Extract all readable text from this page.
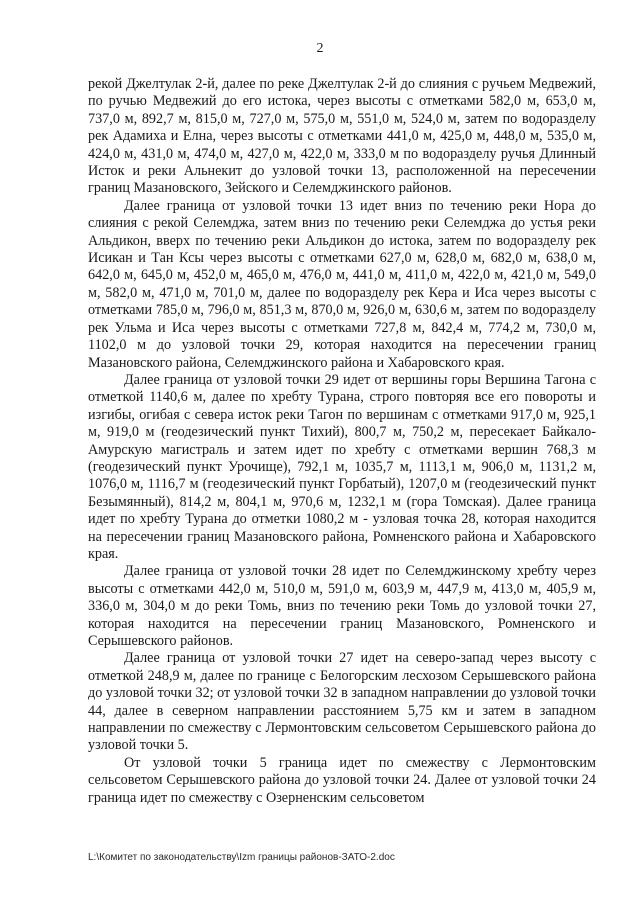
2

рекой Джелтулак 2-й, далее по реке Джелтулак 2-й до слияния с ручьем Медвежий, по ручью Медвежий до его истока, через высоты с отметками 582,0 м, 653,0 м, 737,0 м, 892,7 м, 815,0 м, 727,0 м, 575,0 м, 551,0 м, 524,0 м, затем по водоразделу рек Адамиха и Елна, через высоты с отметками 441,0 м, 425,0 м, 448,0 м, 535,0 м, 424,0 м, 431,0 м, 474,0 м, 427,0 м, 422,0 м, 333,0 м по водоразделу ручья Длинный Исток и реки Альнекит до узловой точки 13, расположенной на пересечении границ Мазановского, Зейского и Селемджинского районов.

Далее граница от узловой точки 13 идет вниз по течению реки Нора до слияния с рекой Селемджа, затем вниз по течению реки Селемджа до устья реки Альдикон, вверх по течению реки Альдикон до истока, затем по водоразделу рек Исикан и Тан Ксы через высоты с отметками 627,0 м, 628,0 м, 682,0 м, 638,0 м, 642,0 м, 645,0 м, 452,0 м, 465,0 м, 476,0 м, 441,0 м, 411,0 м, 422,0 м, 421,0 м, 549,0 м, 582,0 м, 471,0 м, 701,0 м, далее по водоразделу рек Кера и Иса через высоты с отметками 785,0 м, 796,0 м, 851,3 м, 870,0 м, 926,0 м, 630,6 м, затем по водоразделу рек Ульма и Иса через высоты с отметками 727,8 м, 842,4 м, 774,2 м, 730,0 м, 1102,0 м до узловой точки 29, которая находится на пересечении границ Мазановского района, Селемджинского района и Хабаровского края.

Далее граница от узловой точки 29 идет от вершины горы Вершина Тагона с отметкой 1140,6 м, далее по хребту Турана, строго повторяя все его повороты и изгибы, огибая с севера исток реки Тагон по вершинам с отметками 917,0 м, 925,1 м, 919,0 м (геодезический пункт Тихий), 800,7 м, 750,2 м, пересекает Байкало-Амурскую магистраль и затем идет по хребту с отметками вершин 768,3 м (геодезический пункт Урочище), 792,1 м, 1035,7 м, 1113,1 м, 906,0 м, 1131,2 м, 1076,0 м, 1116,7 м (геодезический пункт Горбатый), 1207,0 м (геодезический пункт Безымянный), 814,2 м, 804,1 м, 970,6 м, 1232,1 м (гора Томская). Далее граница идет по хребту Турана до отметки 1080,2 м - узловая точка 28, которая находится на пересечении границ Мазановского района, Ромненского района и Хабаровского края.

Далее граница от узловой точки 28 идет по Селемджинскому хребту через высоты с отметками 442,0 м, 510,0 м, 591,0 м, 603,9 м, 447,9 м, 413,0 м, 405,9 м, 336,0 м, 304,0 м до реки Томь, вниз по течению реки Томь до узловой точки 27, которая находится на пересечении границ Мазановского, Ромненского и Серышевского районов.

Далее граница от узловой точки 27 идет на северо-запад через высоту с отметкой 248,9 м, далее по границе с Белогорским лесхозом Серышевского района до узловой точки 32; от узловой точки 32 в западном направлении до узловой точки 44, далее в северном направлении расстоянием 5,75 км и затем в западном направлении по смежеству с Лермонтовским сельсоветом Серышевского района до узловой точки 5.

От узловой точки 5 граница идет по смежеству с Лермонтовским сельсоветом Серышевского района до узловой точки 24. Далее от узловой точки 24 граница идет по смежеству с Озерненским сельсоветом

L:\Комитет по законодательству\Izm границы районов-ЗАТО-2.doc
